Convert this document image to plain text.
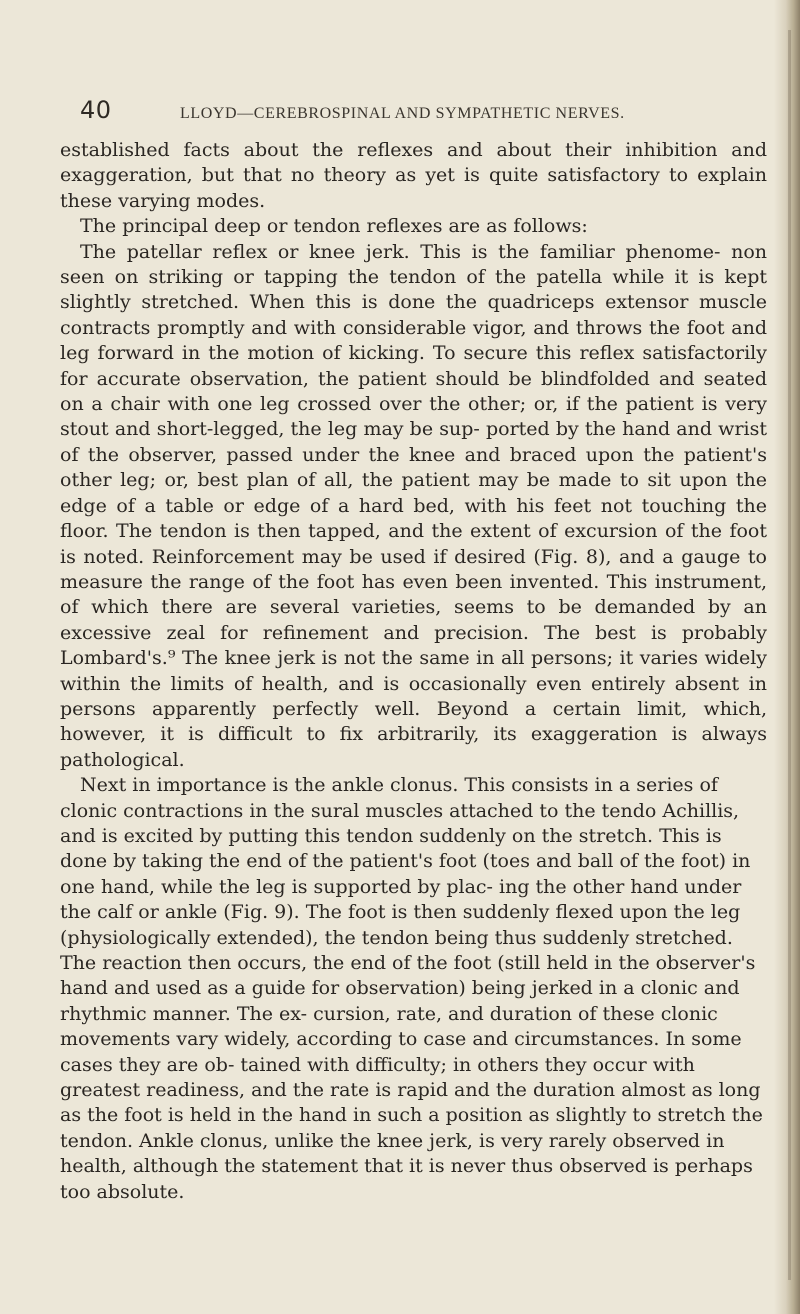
40	LLOYD—CEREBROSPINAL AND SYMPATHETIC NERVES.

established facts about the reflexes and about their inhibition and exaggeration, but that no theory as yet is quite satisfactory to explain these varying modes.

The principal deep or tendon reflexes are as follows:

The patellar reflex or knee jerk. This is the familiar phenome- non seen on striking or tapping the tendon of the patella while it is kept slightly stretched. When this is done the quadriceps extensor muscle contracts promptly and with considerable vigor, and throws the foot and leg forward in the motion of kicking. To secure this reflex satisfactorily for accurate observation, the patient should be blindfolded and seated on a chair with one leg crossed over the other; or, if the patient is very stout and short-legged, the leg may be sup- ported by the hand and wrist of the observer, passed under the knee and braced upon the patient's other leg; or, best plan of all, the patient may be made to sit upon the edge of a table or edge of a hard bed, with his feet not touching the floor. The tendon is then tapped, and the extent of excursion of the foot is noted. Reinforcement may be used if desired (Fig. 8), and a gauge to measure the range of the foot has even been invented. This instrument, of which there are several varieties, seems to be demanded by an excessive zeal for refinement and precision. The best is probably Lombard's.⁹ The knee jerk is not the same in all persons; it varies widely within the limits of health, and is occasionally even entirely absent in persons apparently perfectly well. Beyond a certain limit, which, however, it is difficult to fix arbitrarily, its exaggeration is always pathological.

Next in importance is the ankle clonus. This consists in a series of clonic contractions in the sural muscles attached to the tendo Achillis, and is excited by putting this tendon suddenly on the stretch. This is done by taking the end of the patient's foot (toes and ball of the foot) in one hand, while the leg is supported by plac- ing the other hand under the calf or ankle (Fig. 9). The foot is then suddenly flexed upon the leg (physiologically extended), the tendon being thus suddenly stretched. The reaction then occurs, the end of the foot (still held in the observer's hand and used as a guide for observation) being jerked in a clonic and rhythmic manner. The ex- cursion, rate, and duration of these clonic movements vary widely, according to case and circumstances. In some cases they are ob- tained with difficulty; in others they occur with greatest readiness, and the rate is rapid and the duration almost as long as the foot is held in the hand in such a position as slightly to stretch the tendon. Ankle clonus, unlike the knee jerk, is very rarely observed in health, although the statement that it is never thus observed is perhaps too absolute.
